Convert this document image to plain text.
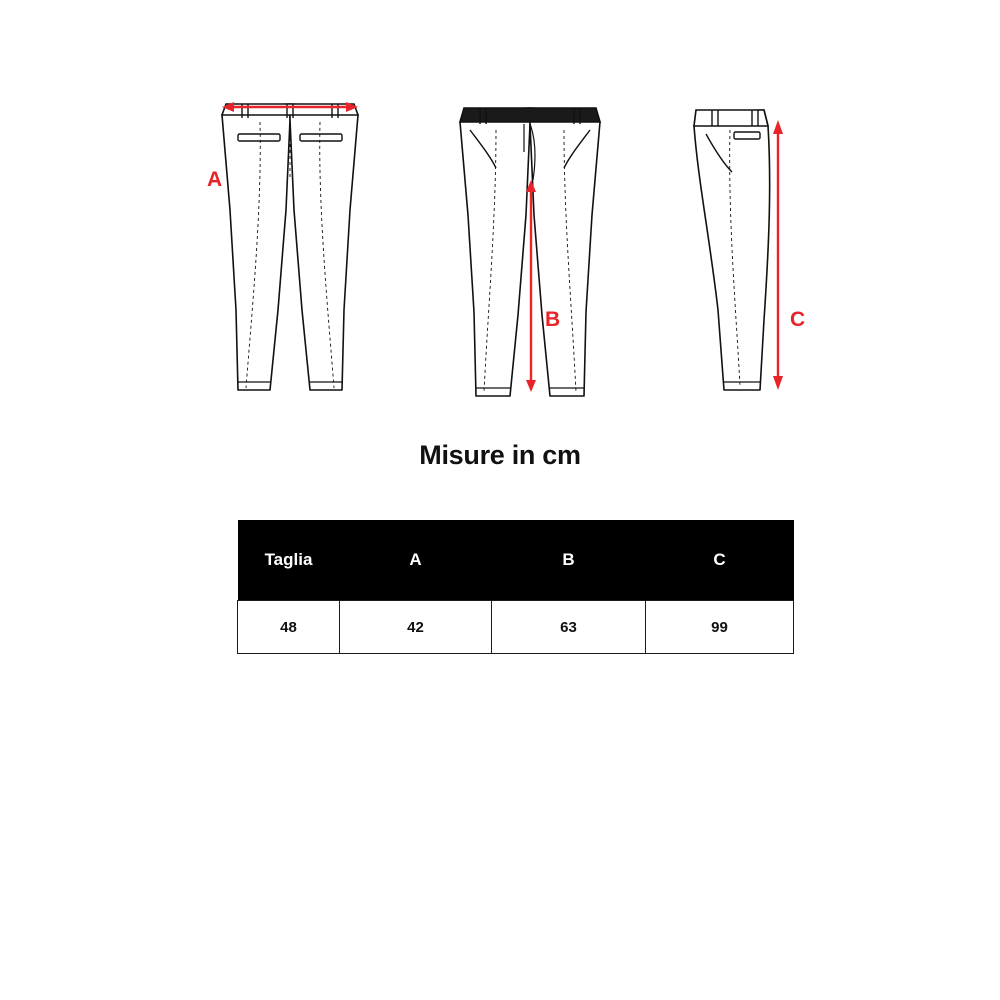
A
B	C
Misure in cm
Taglia	A	B	C
48	42	63	99
